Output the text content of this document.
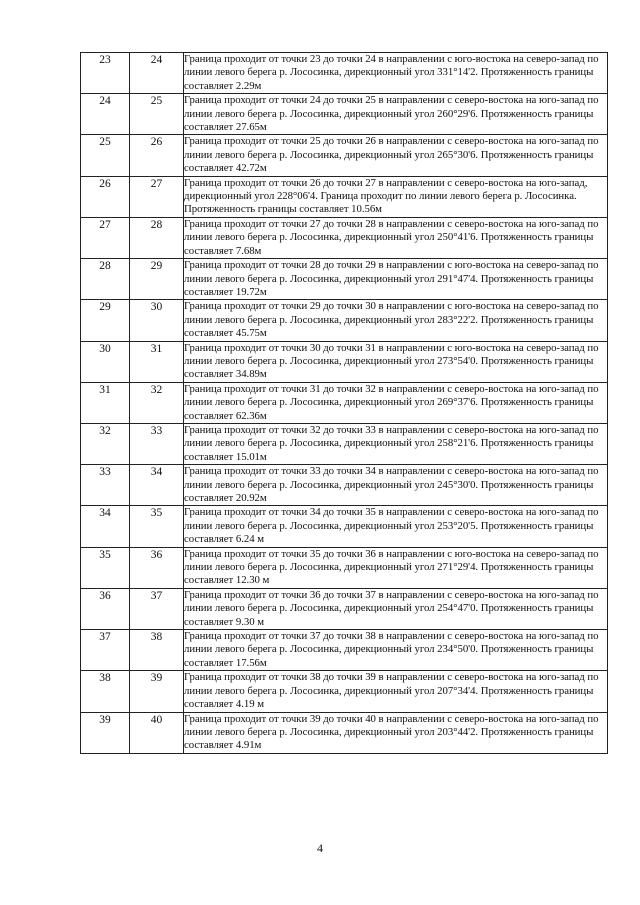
23	24	Граница проходит от точки 23 до точки 24 в направлении с юго-востока на северо-запад по линии левого берега р. Лососинка, дирекционный угол 331°14'2. Протяженность границы составляет 2.29м
24	25	Граница проходит от точки 24 до точки 25 в направлении с северо-востока на юго-запад по линии левого берега р. Лососинка, дирекционный угол 260°29'6. Протяженность границы составляет 27.65м
25	26	Граница проходит от точки 25 до точки 26 в направлении с северо-востока на юго-запад по линии левого берега р. Лососинка, дирекционный угол 265°30'6. Протяженность границы составляет 42.72м
26	27	Граница проходит от точки 26 до точки 27 в направлении с северо-востока на юго-запад, дирекционный угол 228°06'4. Граница проходит по линии левого берега р. Лососинка. Протяженность границы составляет 10.56м
27	28	Граница проходит от точки 27 до точки 28 в направлении с северо-востока на юго-запад по линии левого берега р. Лососинка, дирекционный угол 250°41'6. Протяженность границы составляет 7.68м
28	29	Граница проходит от точки 28 до точки 29 в направлении с юго-востока на северо-запад по линии левого берега р. Лососинка, дирекционный угол 291°47'4. Протяженность границы составляет 19.72м
29	30	Граница проходит от точки 29 до точки 30 в направлении с юго-востока на северо-запад по линии левого берега р. Лососинка, дирекционный угол 283°22'2. Протяженность границы составляет 45.75м
30	31	Граница проходит от точки 30 до точки 31 в направлении с юго-востока на северо-запад по линии левого берега р. Лососинка, дирекционный угол 273°54'0. Протяженность границы составляет 34.89м
31	32	Граница проходит от точки 31 до точки 32 в направлении с северо-востока на юго-запад по линии левого берега р. Лососинка, дирекционный угол 269°37'6. Протяженность границы составляет 62.36м
32	33	Граница проходит от точки 32 до точки 33 в направлении с северо-востока на юго-запад по линии левого берега р. Лососинка, дирекционный угол 258°21'6. Протяженность границы составляет 15.01м
33	34	Граница проходит от точки 33 до точки 34 в направлении с северо-востока на юго-запад по линии левого берега р. Лососинка, дирекционный угол 245°30'0. Протяженность границы составляет 20.92м
34	35	Граница проходит от точки 34 до точки 35 в направлении с северо-востока на юго-запад по линии левого берега р. Лососинка, дирекционный угол 253°20'5. Протяженность границы составляет 6.24 м
35	36	Граница проходит от точки 35 до точки 36 в направлении с юго-востока на северо-запад по линии левого берега р. Лососинка, дирекционный угол 271°29'4. Протяженность границы составляет 12.30 м
36	37	Граница проходит от точки 36 до точки 37 в направлении с северо-востока на юго-запад по линии левого берега р. Лососинка, дирекционный угол 254°47'0. Протяженность границы составляет 9.30 м
37	38	Граница проходит от точки 37 до точки 38 в направлении с северо-востока на юго-запад по линии левого берега р. Лососинка, дирекционный угол 234°50'0. Протяженность границы составляет 17.56м
38	39	Граница проходит от точки 38 до точки 39 в направлении с северо-востока на юго-запад по линии левого берега р. Лососинка, дирекционный угол 207°34'4. Протяженность границы составляет 4.19 м
39	40	Граница проходит от точки 39 до точки 40 в направлении с северо-востока на юго-запад по линии левого берега р. Лососинка, дирекционный угол 203°44'2. Протяженность границы составляет 4.91м
4
